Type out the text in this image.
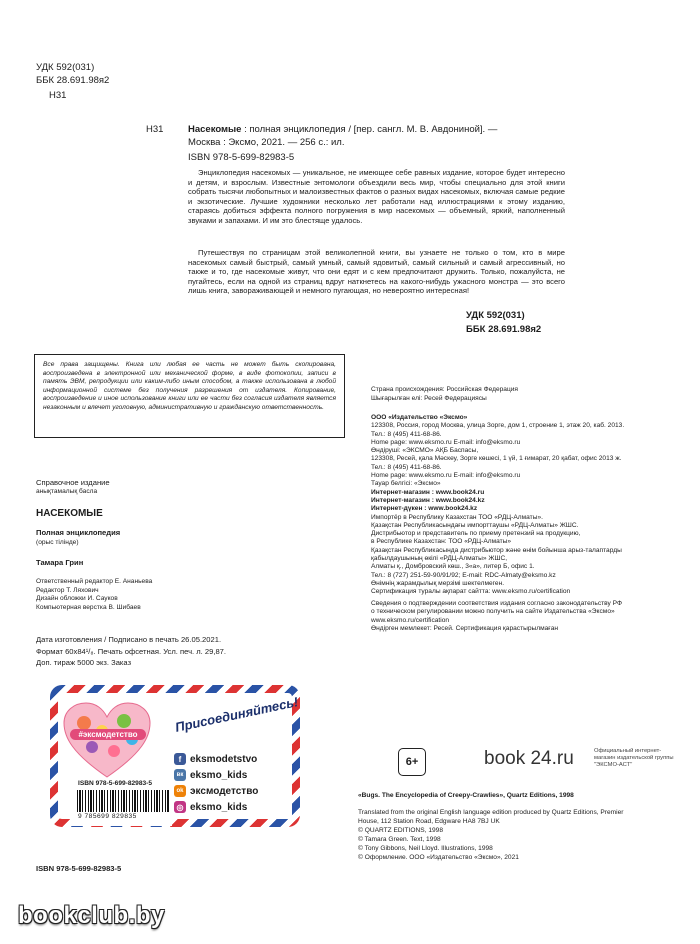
УДК 592(031)
ББК 28.691.98я2
Н31
Н31	Насекомые : полная энциклопедия / [пер. сангл. М. В. Авдониной]. —
Москва : Эксмо, 2021. — 256 с.: ил.
ISBN 978-5-699-82983-5
Энциклопедия насекомых — уникальное, не имеющее себе равных издание, которое будет интересно и детям, и взрослым. Известные энтомологи объездили весь мир, чтобы специально для этой книги собрать тысячи любопытных и малоизвестных фактов о разных видах насекомых, включая самые редкие и экзотические. Лучшие художники несколько лет работали над иллюстрациями к этому изданию, стараясь добиться эффекта полного погружения в мир насекомых — объемный, яркий, наполненный звуками и запахами. И им это блестяще удалось.
Путешествуя по страницам этой великолепной книги, вы узнаете не только о том, кто в мире насекомых самый быстрый, самый умный, самый ядовитый, самый сильный и самый агрессивный, но также и то, где насекомые живут, что они едят и с кем предпочитают дружить. Только, пожалуйста, не пугайтесь, если на одной из страниц вдруг наткнетесь на какого-нибудь ужасного монстра — это всего лишь книга, завораживающей и немного пугающая, но невероятно интересная!
УДК 592(031)
ББК 28.691.98я2
Все права защищены. Книга или любая ее часть не может быть скопирована, воспроизведена в электронной или механической форме, в виде фотокопии, записи в память ЭВМ, репродукции или каким-либо иным способом, а также использована в любой информационной системе без получения разрешения от издателя. Копирование, воспроизведение и иное использование книги или ее части без согласия издателя является незаконным и влечет уголовную, административную и гражданскую ответственность.
Справочное издание
анықтамалық басла
НАСЕКОМЫЕ
Полная энциклопедия
(орыс тілінде)
Тамара Грин
Ответственный редактор Е. Ананьева
Редактор Т. Ляхович
Дизайн обложки И. Сауков
Компьютерная верстка В. Шибаев
Дата изготовления / Подписано в печать 26.05.2021.
Формат 60x84¹/₈. Печать офсетная. Усл. печ. л. 29,87.
Доп. тираж 5000 экз. Заказ
Страна происхождения: Российская Федерация
Шығарылған елі: Ресей Федерациясы
ООО «Издательство «Эксмо»
123308, Россия, город Москва, улица Зорге, дом 1, строение 1, этаж 20, каб. 2013.
Тел.: 8 (495) 411-68-86.
Home page: www.eksmo.ru E-mail: info@eksmo.ru
Өндіруші: «ЭКСМО» АҚБ Баспасы,
123308, Ресей, қала Мәскеу, Зорге көшесі, 1 үй, 1 ғимарат, 20 қабат, офис 2013 ж.
Тел.: 8 (495) 411-68-86.
Home page: www.eksmo.ru E-mail: info@eksmo.ru
Тауар белгісі: «Эксмо»
Интернет-магазин : www.book24.ru
Интернет-магазин : www.book24.kz
Интернет-дүкен : www.book24.kz
Импортёр в Республику Казахстан ТОО «РДЦ-Алматы».
Қазақстан Республикасындағы импорттаушы «РДЦ-Алматы» ЖШС.
Дистрибьютор и представитель по приему претензий на продукцию,
в Республике Казахстан: ТОО «РДЦ-Алматы»
Қазақстан Республикасында дистрибьютор және өнім бойынша арыз-талаптарды
қабылдаушының өкілі «РДЦ-Алматы» ЖШС,
Алматы қ., Домбровский көш., 3«а», литер Б, офис 1.
Тел.: 8 (727) 251-59-90/91/92; E-mail: RDC-Almaty@eksmo.kz
Өнімнің жарамдылық мерзімі шектелмеген.
Сертификация туралы ақпарат сайтта: www.eksmo.ru/certification
Сведения о подтверждении соответствия издания согласно законодательству РФ
о техническом регулировании можно получить на сайте Издательства «Эксмо»
www.eksmo.ru/certification
Өндірген мемлекет: Ресей. Сертификация қарастырылмаған
#эксмодетство	Присоединяйтесь!
f eksmodetstvo
вк eksmo_kids
ok эксмодетство
◎ eksmo_kids
ISBN 978-5-699-82983-5
9 785699 829835
ISBN 978-5-699-82983-5
6+	book 24.ru	Официальный интернет-магазин издательской группы "ЭКСМО-АСТ"
«Bugs. The Encyclopedia of Creepy-Crawlies», Quartz Editions, 1998
Translated from the original English language edition produced by Quartz Editions, Premier
House, 112 Station Road, Edgware HA8 7BJ UK
© QUARTZ EDITIONS, 1998
© Tamara Green. Text, 1998
© Tony Gibbons, Neil Lloyd. Illustrations, 1998
© Оформление. ООО «Издательство «Эксмо», 2021
bookclub.by
